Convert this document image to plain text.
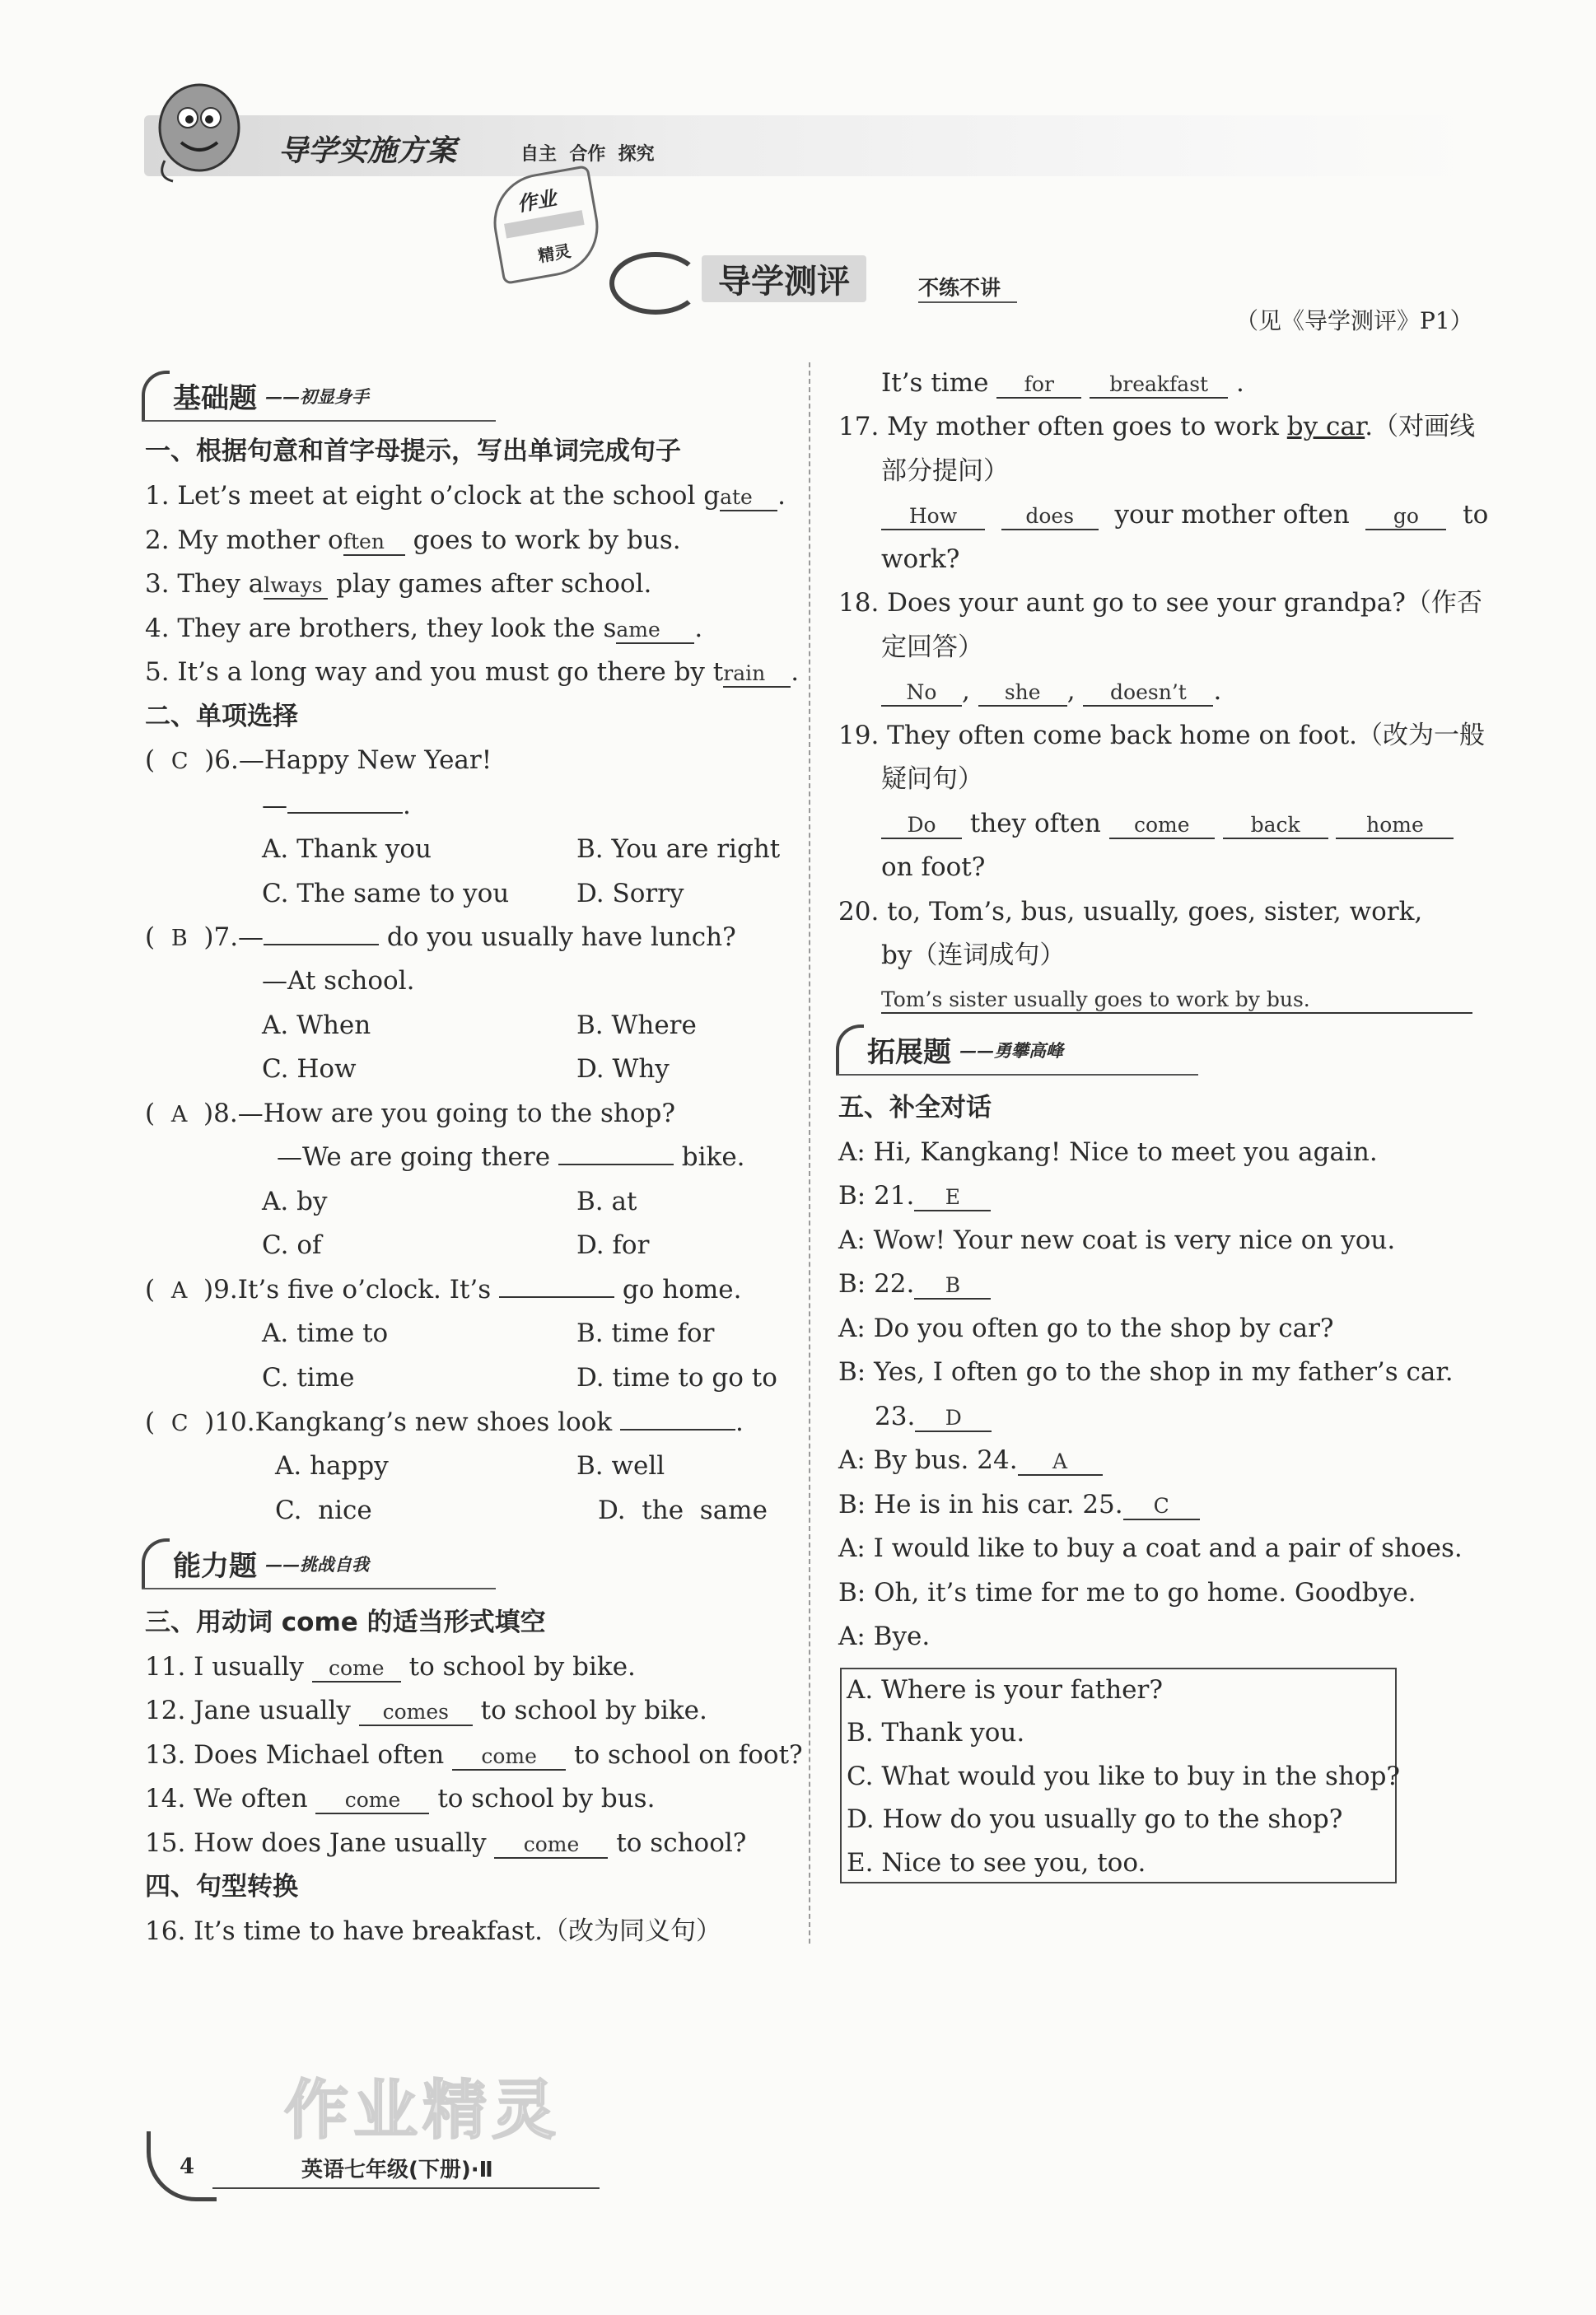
导学实施方案	自主  合作  探究
作业
精灵
导学测评	不练不讲
（见《导学测评》P1）
基础题 ——初显身手
一、根据句意和首字母提示，写出单词完成句子
1. Let’s meet at eight o’clock at the school gate .
2. My mother often goes to work by bus.
3. They always play games after school.
4. They are brothers, they look the same .
5. It’s a long way and you must go there by train .
二、单项选择
(  C )6.—Happy New Year!
—	.
A. Thank you	B. You are right
C. The same to you	D. Sorry
(  B )7.—	do you usually have lunch?
—At school.
A. When	B. Where
C. How	D. Why
(  A )8.—How are you going to the shop?
—We are going there	bike.
A. by	B. at
C. of	D. for
(  A )9.It’s five o’clock. It’s	go home.
A. time to	B. time for
C. time	D. time to go to
(  C )10.Kangkang’s new shoes look	.
A. happy	B. well
C.  nice	D.  the  same
能力题 ——挑战自我
三、用动词 come 的适当形式填空
11. I usually come to school by bike.
12. Jane usually comes to school by bike.
13. Does Michael often come to school on foot?
14. We often come to school by bus.
15. How does Jane usually come to school?
四、句型转换
16. It’s time to have breakfast.（改为同义句）
It’s time for	breakfast .
17. My mother often goes to work by car.（对画线
部分提问）
How	does your mother often go to
work?
18. Does your aunt go to see your grandpa?（作否
定回答）
No , she , doesn’t .
19. They often come back home on foot.（改为一般
疑问句）
Do they often come	back	home
on foot?
20. to, Tom’s, bus, usually, goes, sister, work,
by（连词成句）
Tom’s sister usually goes to work by bus.
拓展题 ——勇攀高峰
五、补全对话
A: Hi, Kangkang! Nice to meet you again.
B: 21. E
A: Wow! Your new coat is very nice on you.
B: 22. B
A: Do you often go to the shop by car?
B: Yes, I often go to the shop in my father’s car.
23. D
A: By bus. 24. A
B: He is in his car. 25. C
A: I would like to buy a coat and a pair of shoes.
B: Oh, it’s time for me to go home. Goodbye.
A: Bye.
A. Where is your father?
B. Thank you.
C. What would you like to buy in the shop?
D. How do you usually go to the shop?
E. Nice to see you, too.
作业精灵
4	英语七年级(下册)·Ⅱ
